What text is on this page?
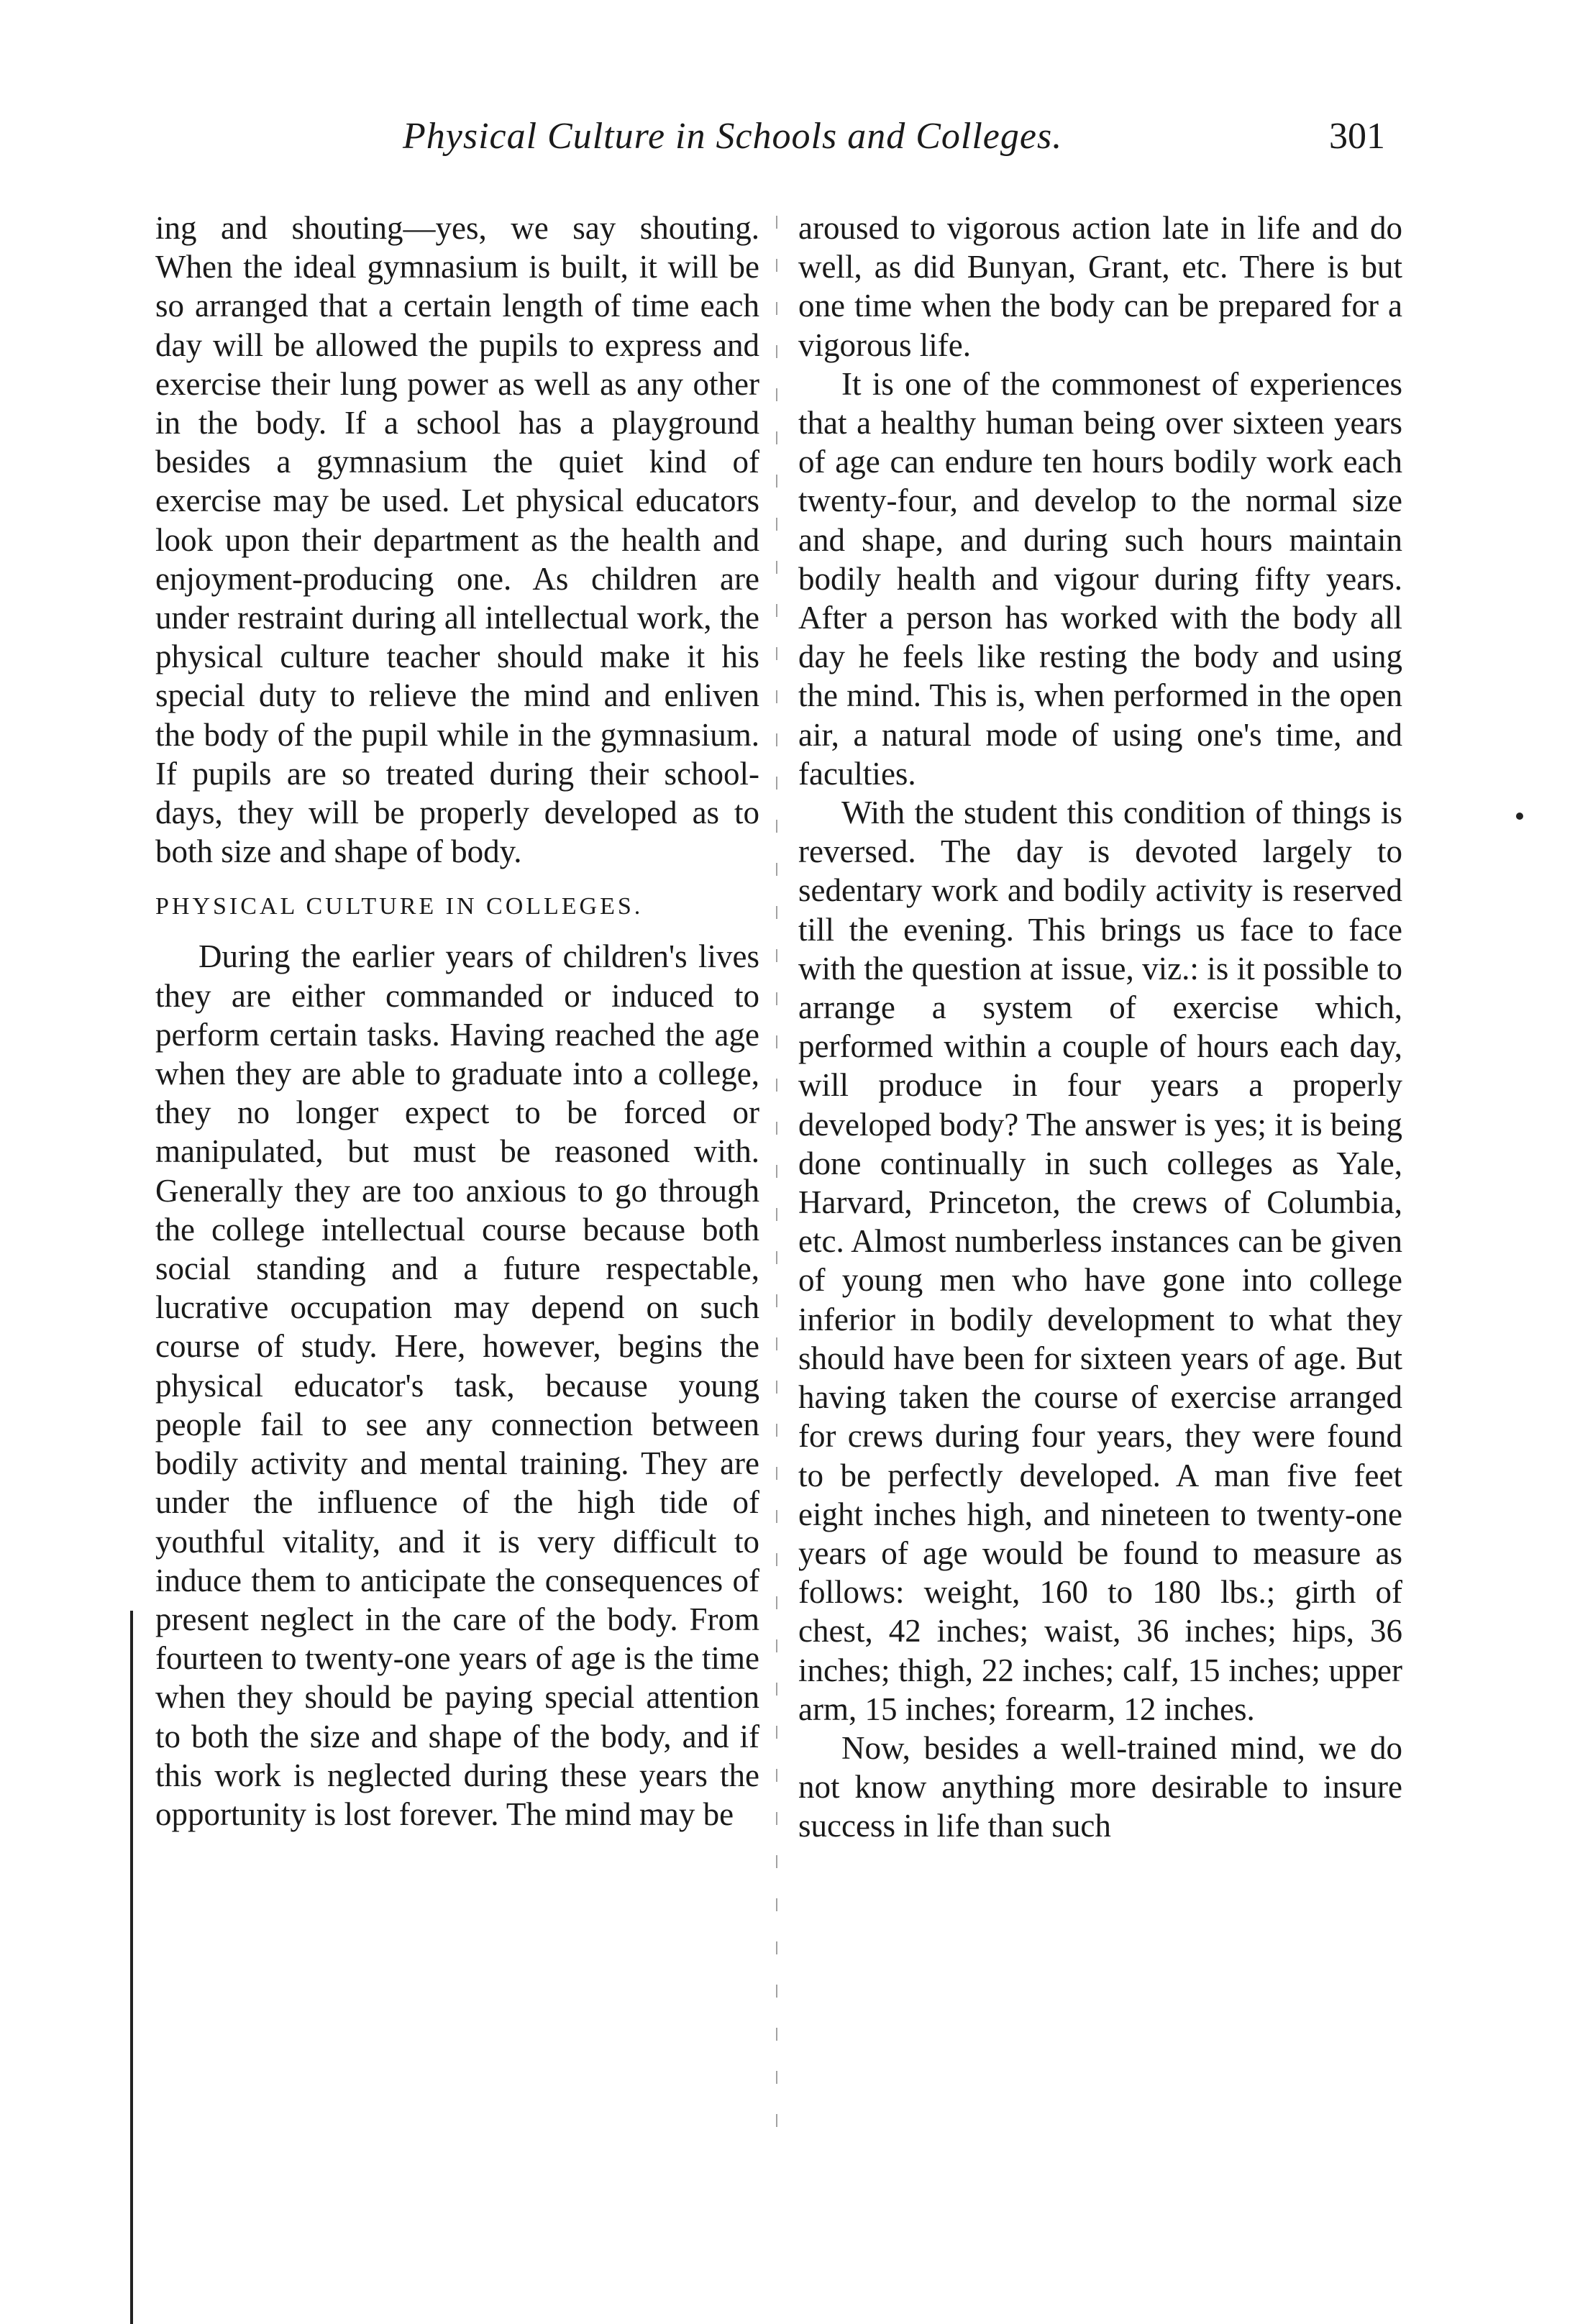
Physical Culture in Schools and Colleges.	301

ing and shouting—yes, we say shouting. When the ideal gymnasium is built, it will be so arranged that a certain length of time each day will be allowed the pupils to express and exercise their lung power as well as any other in the body. If a school has a playground besides a gymnasium the quiet kind of exercise may be used. Let physical educators look upon their department as the health and enjoyment-producing one. As children are under restraint during all intellectual work, the physical culture teacher should make it his special duty to relieve the mind and enliven the body of the pupil while in the gymnasium. If pupils are so treated during their school-days, they will be properly developed as to both size and shape of body.

PHYSICAL CULTURE IN COLLEGES.

During the earlier years of children's lives they are either commanded or induced to perform certain tasks. Having reached the age when they are able to graduate into a college, they no longer expect to be forced or manipulated, but must be reasoned with. Generally they are too anxious to go through the college intellectual course because both social standing and a future respectable, lucrative occupation may depend on such course of study. Here, however, begins the physical educator's task, because young people fail to see any connection between bodily activity and mental training. They are under the influence of the high tide of youthful vitality, and it is very difficult to induce them to anticipate the consequences of present neglect in the care of the body. From fourteen to twenty-one years of age is the time when they should be paying special attention to both the size and shape of the body, and if this work is neglected during these years the opportunity is lost forever. The mind may be

aroused to vigorous action late in life and do well, as did Bunyan, Grant, etc. There is but one time when the body can be prepared for a vigorous life.

It is one of the commonest of experiences that a healthy human being over sixteen years of age can endure ten hours bodily work each twenty-four, and develop to the normal size and shape, and during such hours maintain bodily health and vigour during fifty years. After a person has worked with the body all day he feels like resting the body and using the mind. This is, when performed in the open air, a natural mode of using one's time, and faculties.

With the student this condition of things is reversed. The day is devoted largely to sedentary work and bodily activity is reserved till the evening. This brings us face to face with the question at issue, viz.: is it possible to arrange a system of exercise which, performed within a couple of hours each day, will produce in four years a properly developed body? The answer is yes; it is being done continually in such colleges as Yale, Harvard, Princeton, the crews of Columbia, etc. Almost numberless instances can be given of young men who have gone into college inferior in bodily development to what they should have been for sixteen years of age. But having taken the course of exercise arranged for crews during four years, they were found to be perfectly developed. A man five feet eight inches high, and nineteen to twenty-one years of age would be found to measure as follows: weight, 160 to 180 lbs.; girth of chest, 42 inches; waist, 36 inches; hips, 36 inches; thigh, 22 inches; calf, 15 inches; upper arm, 15 inches; forearm, 12 inches.

Now, besides a well-trained mind, we do not know anything more desirable to insure success in life than such
